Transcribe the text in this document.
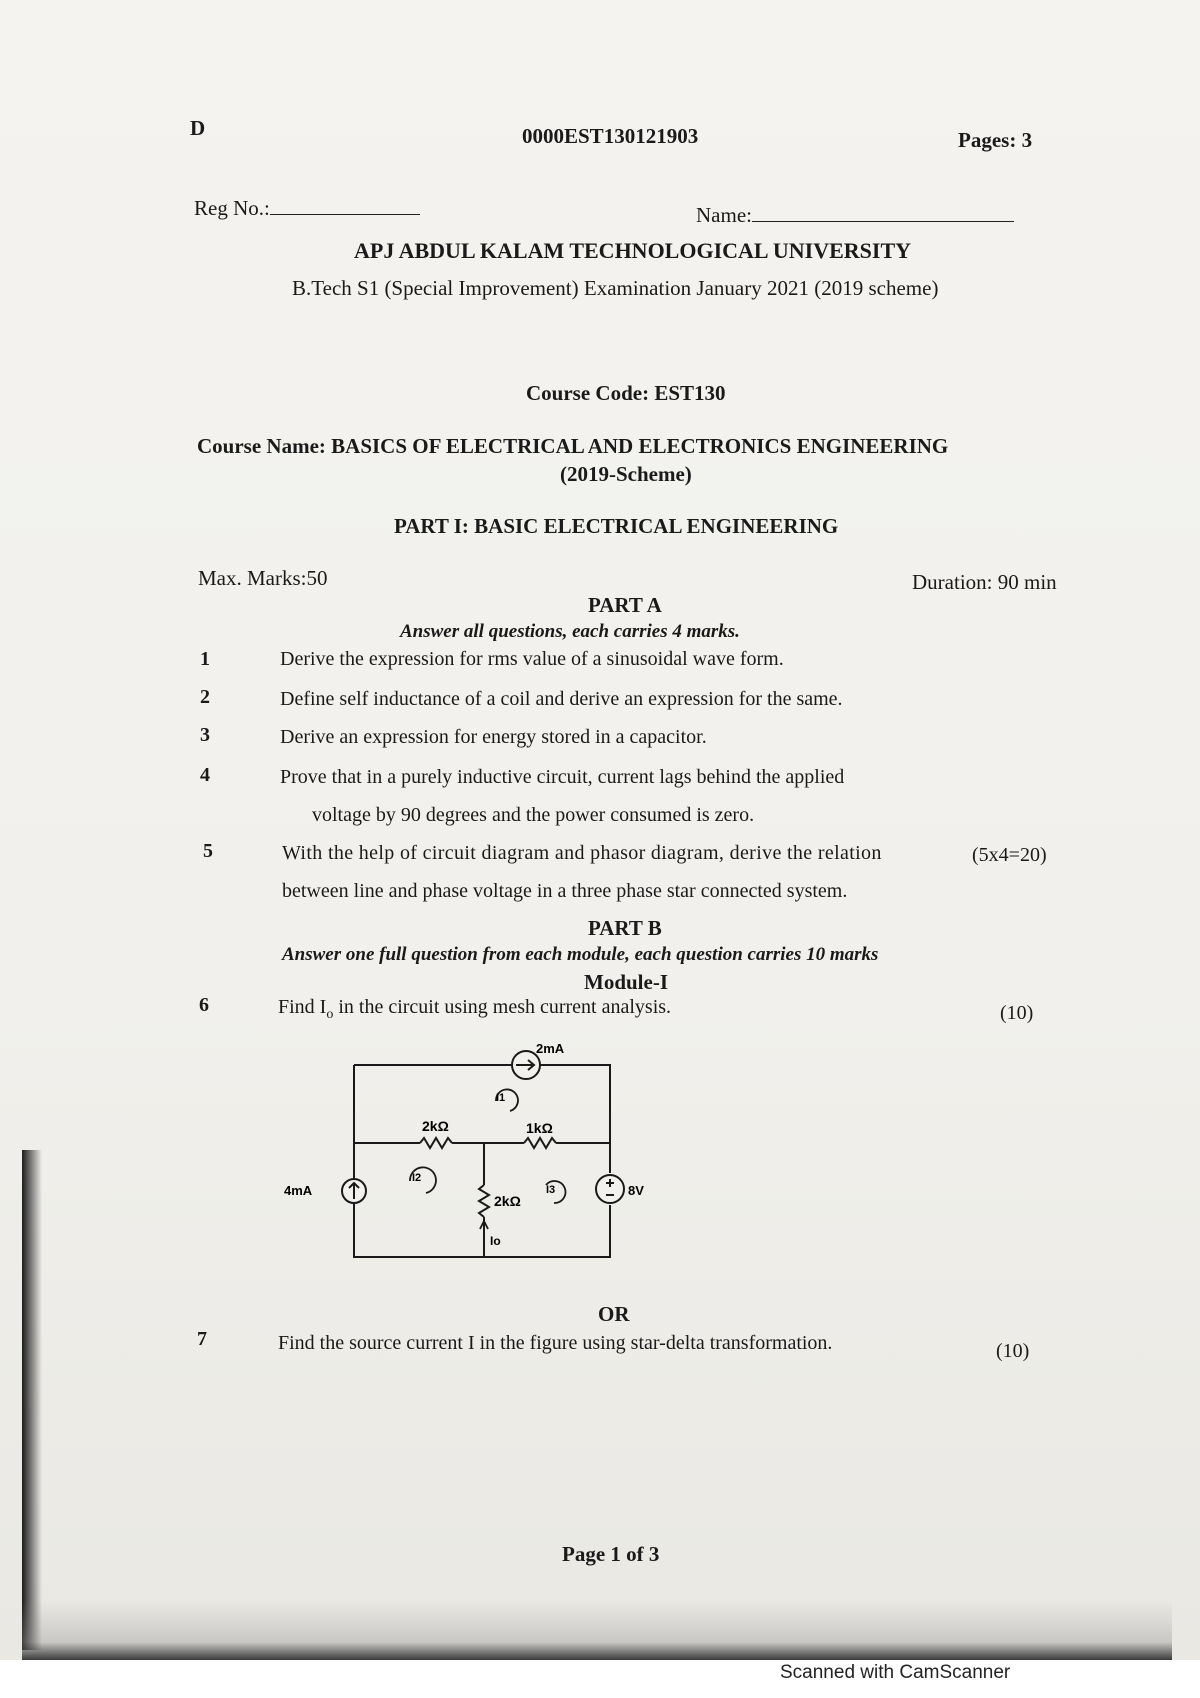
D	0000EST130121903	Pages: 3
Reg No.:	Name:
APJ ABDUL KALAM TECHNOLOGICAL UNIVERSITY
B.Tech S1 (Special Improvement) Examination January 2021 (2019 scheme)
Course Code: EST130
Course Name: BASICS OF ELECTRICAL AND ELECTRONICS ENGINEERING
(2019-Scheme)
PART I: BASIC ELECTRICAL ENGINEERING
Max. Marks:50	Duration: 90 min
PART A
Answer all questions, each carries 4 marks.
1	Derive the expression for rms value of a sinusoidal wave form.
2	Define self inductance of a coil and derive an expression for the same.
3	Derive an expression for energy stored in a capacitor.
4	Prove that in a purely inductive circuit, current lags behind the applied
voltage by 90 degrees and the power consumed is zero.
5	With the help of circuit diagram and phasor diagram, derive the relation
between line and phase voltage in a three phase star connected system.
(5x4=20)
PART B
Answer one full question from each module, each question carries 10 marks
Module-I
6	Find $I_o$ in the circuit using mesh current analysis.	(10)
2mA
4mA	8V
2kΩ	1kΩ
2kΩ
I1
I2
I3
Io
OR
7	Find the source current I in the figure using star-delta transformation.	(10)
Page 1 of 3
Scanned with CamScanner
